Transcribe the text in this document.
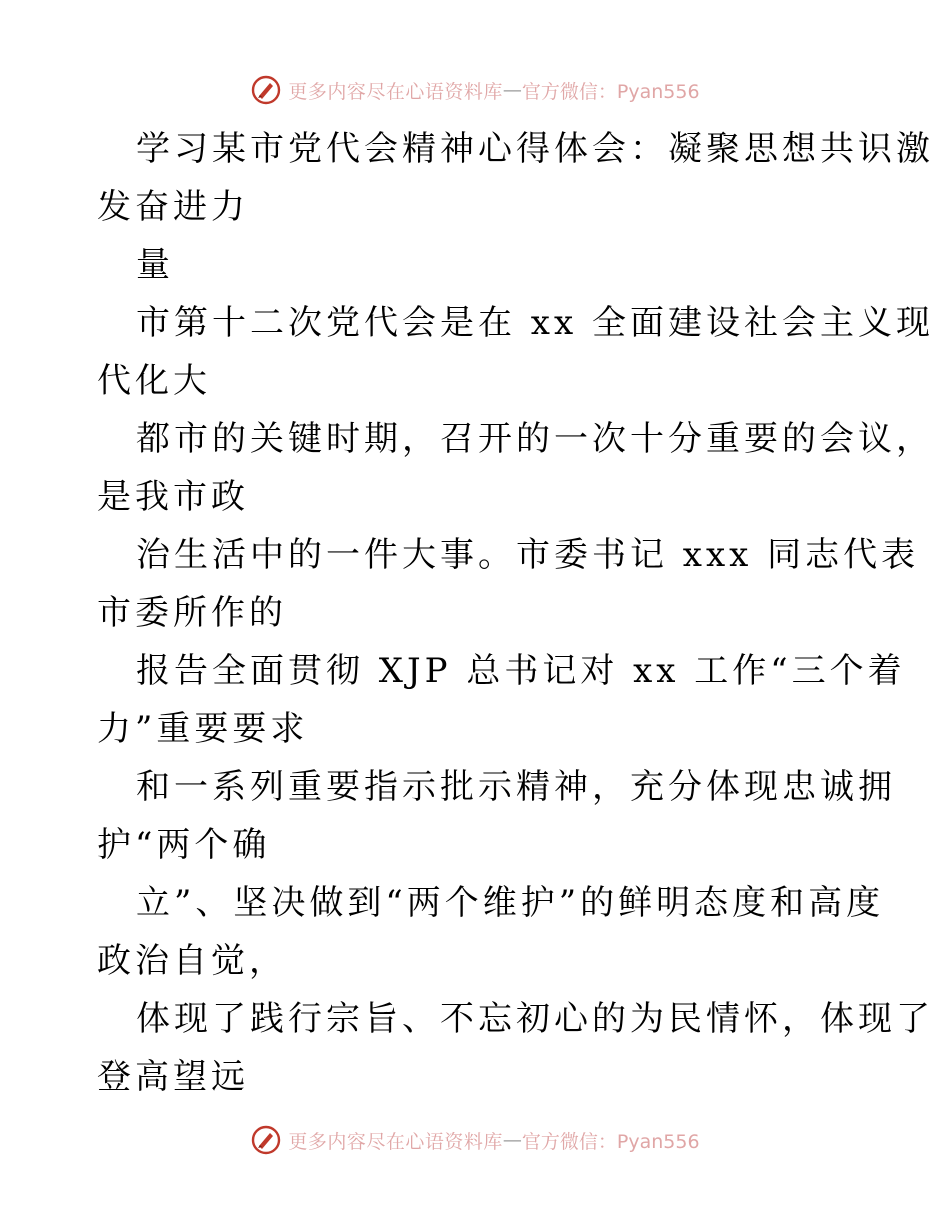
更多内容尽在心语资料库 — 官方微信：Pyan556
学习某市党代会精神心得体会：凝聚思想共识激
发奋进力
量
市第十二次党代会是在 xx 全面建设社会主义现
代化大
都市的关键时期，召开的一次十分重要的会议，
是我市政
治生活中的一件大事。市委书记 xxx 同志代表
市委所作的
报告全面贯彻 XJP 总书记对 xx 工作“三个着
力”重要要求
和一系列重要指示批示精神，充分体现忠诚拥
护“两个确
立”、坚决做到“两个维护”的鲜明态度和高度
政治自觉，
体现了践行宗旨、不忘初心的为民情怀，体现了
登高望远
更多内容尽在心语资料库 — 官方微信：Pyan556
